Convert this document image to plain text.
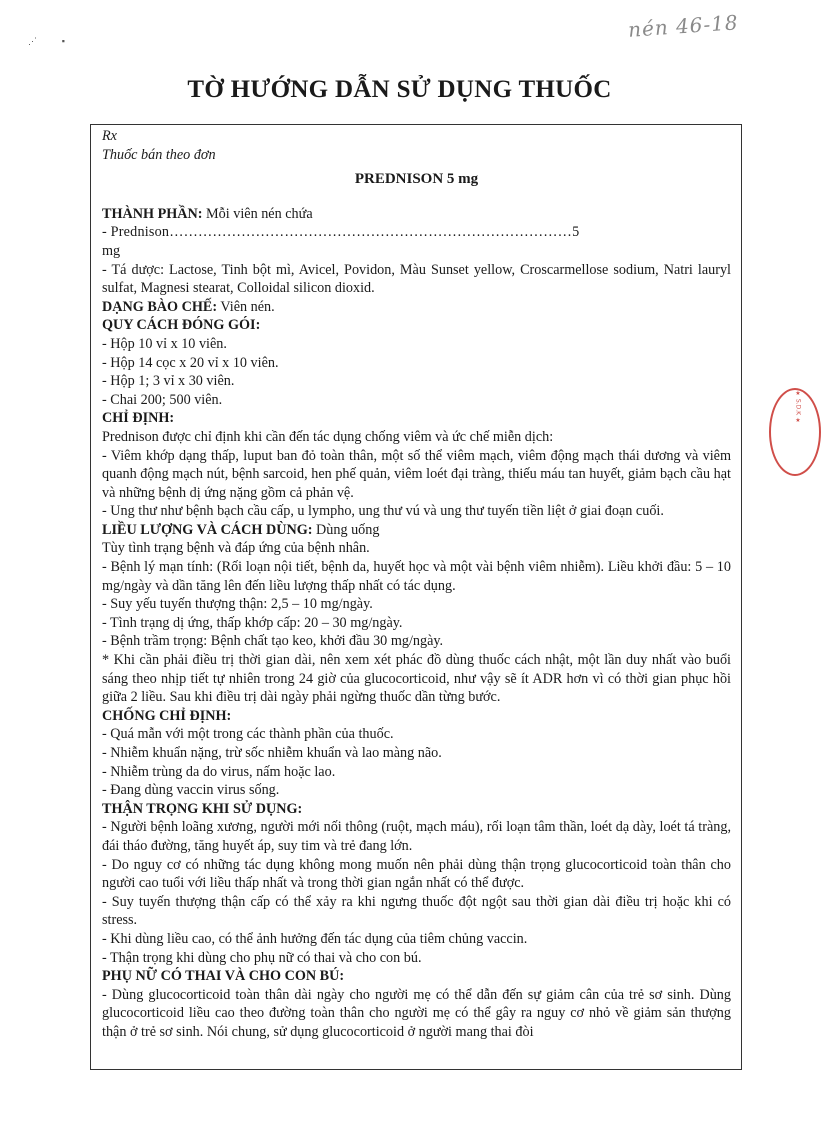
⋰           ▪	nén 46-18
★ S.D.K ★
TỜ HƯỚNG DẪN SỬ DỤNG THUỐC

Rx

Thuốc bán theo đơn

PREDNISON 5 mg

THÀNH PHẦN: Mỗi viên nén chứa

- Prednison…………………………………………………………………………5

mg

- Tá dược: Lactose, Tinh bột mì, Avicel, Povidon, Màu Sunset yellow, Croscarmellose sodium, Natri lauryl sulfat, Magnesi stearat, Colloidal silicon dioxid.

DẠNG BÀO CHẾ: Viên nén.

QUY CÁCH ĐÓNG GÓI:

- Hộp 10 vỉ x 10 viên.

- Hộp 14 cọc x 20 vỉ x 10 viên.

- Hộp 1; 3 vỉ x 30 viên.

- Chai 200; 500 viên.

CHỈ ĐỊNH:

Prednison được chỉ định khi cần đến tác dụng chống viêm và ức chế miễn dịch:

- Viêm khớp dạng thấp, luput ban đỏ toàn thân, một số thể viêm mạch, viêm động mạch thái dương và viêm quanh động mạch nút, bệnh sarcoid, hen phế quản, viêm loét đại tràng, thiếu máu tan huyết, giảm bạch cầu hạt và những bệnh dị ứng nặng gồm cả phản vệ.

- Ung thư như bệnh bạch cầu cấp, u lympho, ung thư vú và ung thư tuyến tiền liệt ở giai đoạn cuối.

LIỀU LƯỢNG VÀ CÁCH DÙNG: Dùng uống

Tùy tình trạng bệnh và đáp ứng của bệnh nhân.

- Bệnh lý mạn tính: (Rối loạn nội tiết, bệnh da, huyết học và một vài bệnh viêm nhiễm). Liều khởi đầu: 5 – 10 mg/ngày và dần tăng lên đến liều lượng thấp nhất có tác dụng.

- Suy yếu tuyến thượng thận: 2,5 – 10 mg/ngày.

- Tình trạng dị ứng, thấp khớp cấp: 20 – 30 mg/ngày.

- Bệnh trầm trọng: Bệnh chất tạo keo, khởi đầu 30 mg/ngày.

* Khi cần phải điều trị thời gian dài, nên xem xét phác đồ dùng thuốc cách nhật, một lần duy nhất vào buổi sáng theo nhịp tiết tự nhiên trong 24 giờ của glucocorticoid, như vậy sẽ ít ADR hơn vì có thời gian phục hồi giữa 2 liều. Sau khi điều trị dài ngày phải ngừng thuốc dần từng bước.

CHỐNG CHỈ ĐỊNH:

- Quá mẫn với một trong các thành phần của thuốc.

- Nhiễm khuẩn nặng, trừ sốc nhiễm khuẩn và lao màng não.

- Nhiễm trùng da do virus, nấm hoặc lao.

- Đang dùng vaccin virus sống.

THẬN TRỌNG KHI SỬ DỤNG:

- Người bệnh loãng xương, người mới nối thông (ruột, mạch máu), rối loạn tâm thần, loét dạ dày, loét tá tràng, đái tháo đường, tăng huyết áp, suy tim và trẻ đang lớn.

- Do nguy cơ có những tác dụng không mong muốn nên phải dùng thận trọng glucocorticoid toàn thân cho người cao tuổi với liều thấp nhất và trong thời gian ngắn nhất có thể được.

- Suy tuyến thượng thận cấp có thể xảy ra khi ngưng thuốc đột ngột sau thời gian dài điều trị hoặc khi có stress.

- Khi dùng liều cao, có thể ảnh hưởng đến tác dụng của tiêm chủng vaccin.

- Thận trọng khi dùng cho phụ nữ có thai và cho con bú.

PHỤ NỮ CÓ THAI VÀ CHO CON BÚ:

- Dùng glucocorticoid toàn thân dài ngày cho người mẹ có thể dẫn đến sự giảm cân của trẻ sơ sinh. Dùng glucocorticoid liều cao theo đường toàn thân cho người mẹ có thể gây ra nguy cơ nhỏ về giảm sản thượng thận ở trẻ sơ sinh. Nói chung, sử dụng glucocorticoid ở người mang thai đòi
